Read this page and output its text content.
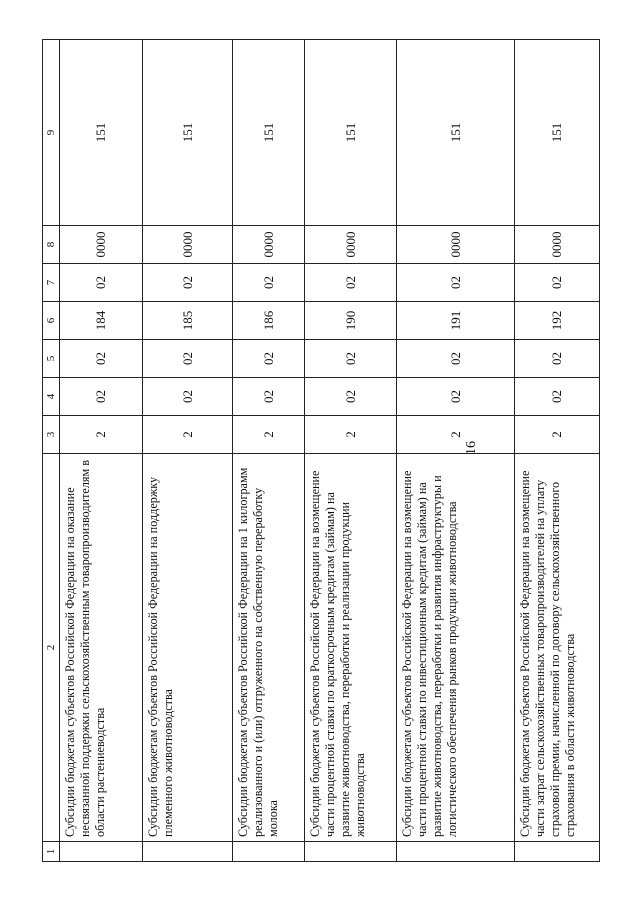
16
1	2	3	4	5	6	7	8	9
	Субсидии бюджетам субъектов Российской Федерации на оказание несвязанной поддержки сельскохозяйственным товаропроизводителям в области растениеводства	2	02	02	184	02	0000	151
	Субсидии бюджетам субъектов Российской Федерации на поддержку племенного животноводства	2	02	02	185	02	0000	151
	Субсидии бюджетам субъектов Российской Федерации на 1 килограмм реализованного и (или) отгруженного на собственную переработку молока	2	02	02	186	02	0000	151
	Субсидии бюджетам субъектов Российской Федерации на возмещение части процентной ставки по краткосрочным кредитам (займам) на развитие животноводства, переработки и реализации продукции животноводства	2	02	02	190	02	0000	151
	Субсидии бюджетам субъектов Российской Федерации на возмещение части процентной ставки по инвестиционным кредитам (займам) на развитие животноводства, переработки и развития инфраструктуры и логистического обеспечения рынков продукции животноводства	2	02	02	191	02	0000	151
	Субсидии бюджетам субъектов Российской Федерации на возмещение части затрат сельскохозяйственных товаропроизводителей на уплату страховой премии, начисленной по договору сельскохозяйственного страхования в области животноводства	2	02	02	192	02	0000	151
